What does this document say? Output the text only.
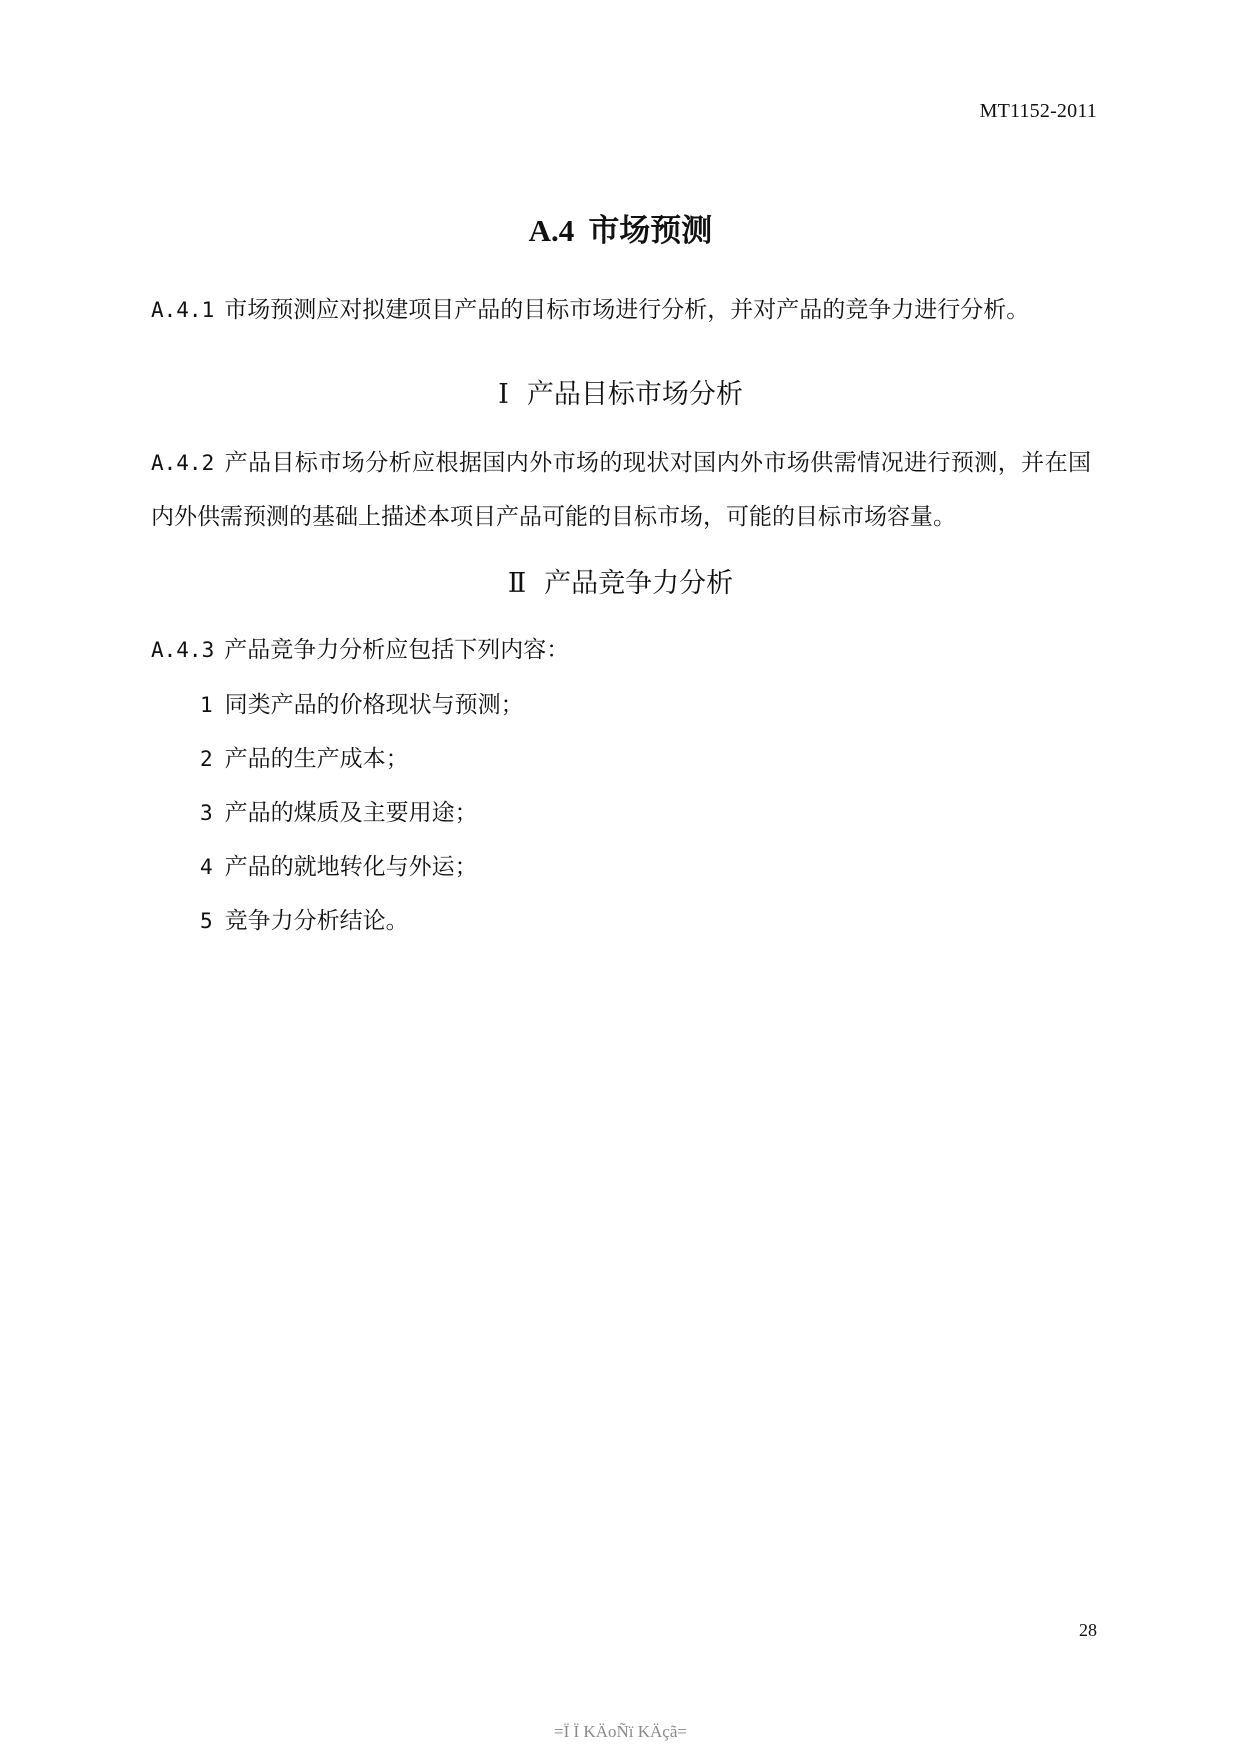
MT1152-2011
A.4 市场预测
A.4.1 市场预测应对拟建项目产品的目标市场进行分析，并对产品的竞争力进行分析。
Ⅰ 产品目标市场分析
A.4.2 产品目标市场分析应根据国内外市场的现状对国内外市场供需情况进行预测，并在国内外供需预测的基础上描述本项目产品可能的目标市场，可能的目标市场容量。
Ⅱ 产品竞争力分析
A.4.3 产品竞争力分析应包括下列内容：
1 同类产品的价格现状与预测；
2 产品的生产成本；
3 产品的煤质及主要用途；
4 产品的就地转化与外运；
5 竞争力分析结论。
28
=Ï Ï KÄoÑï KÄçã=
